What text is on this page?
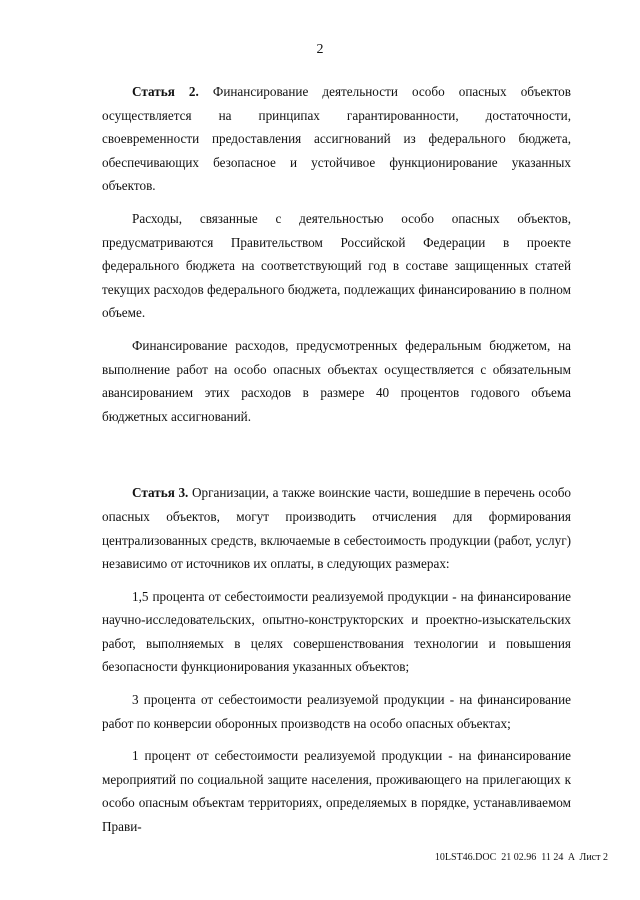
2

Статья 2. Финансирование деятельности особо опасных объектов осуществляется на принципах гарантированности, достаточности, своевременности предоставления ассигнований из федерального бюджета, обеспечивающих безопасное и устойчивое функционирование указанных объектов.

Расходы, связанные с деятельностью особо опасных объектов, предусматриваются Правительством Российской Федерации в проекте федерального бюджета на соответствующий год в составе защищенных статей текущих расходов федерального бюджета, подлежащих финансированию в полном объеме.

Финансирование расходов, предусмотренных федеральным бюджетом, на выполнение работ на особо опасных объектах осуществляется с обязательным авансированием этих расходов в размере 40 процентов годового объема бюджетных ассигнований.

Статья 3. Организации, а также воинские части, вошедшие в перечень особо опасных объектов, могут производить отчисления для формирования централизованных средств, включаемые в себестоимость продукции (работ, услуг) независимо от источников их оплаты, в следующих размерах:

1,5 процента от себестоимости реализуемой продукции - на финансирование научно-исследовательских, опытно-конструкторских и проектно-изыскательских работ, выполняемых в целях совершенствования технологии и повышения безопасности функционирования указанных объектов;

3 процента от себестоимости реализуемой продукции - на финансирование работ по конверсии оборонных производств на особо опасных объектах;

1 процент от себестоимости реализуемой продукции - на финансирование мероприятий по социальной защите населения, проживающего на прилегающих к особо опасным объектам территориях, определяемых в порядке, устанавливаемом Прави-

10LST46.DOC  21 02.96  11 24  A  Лист 2
